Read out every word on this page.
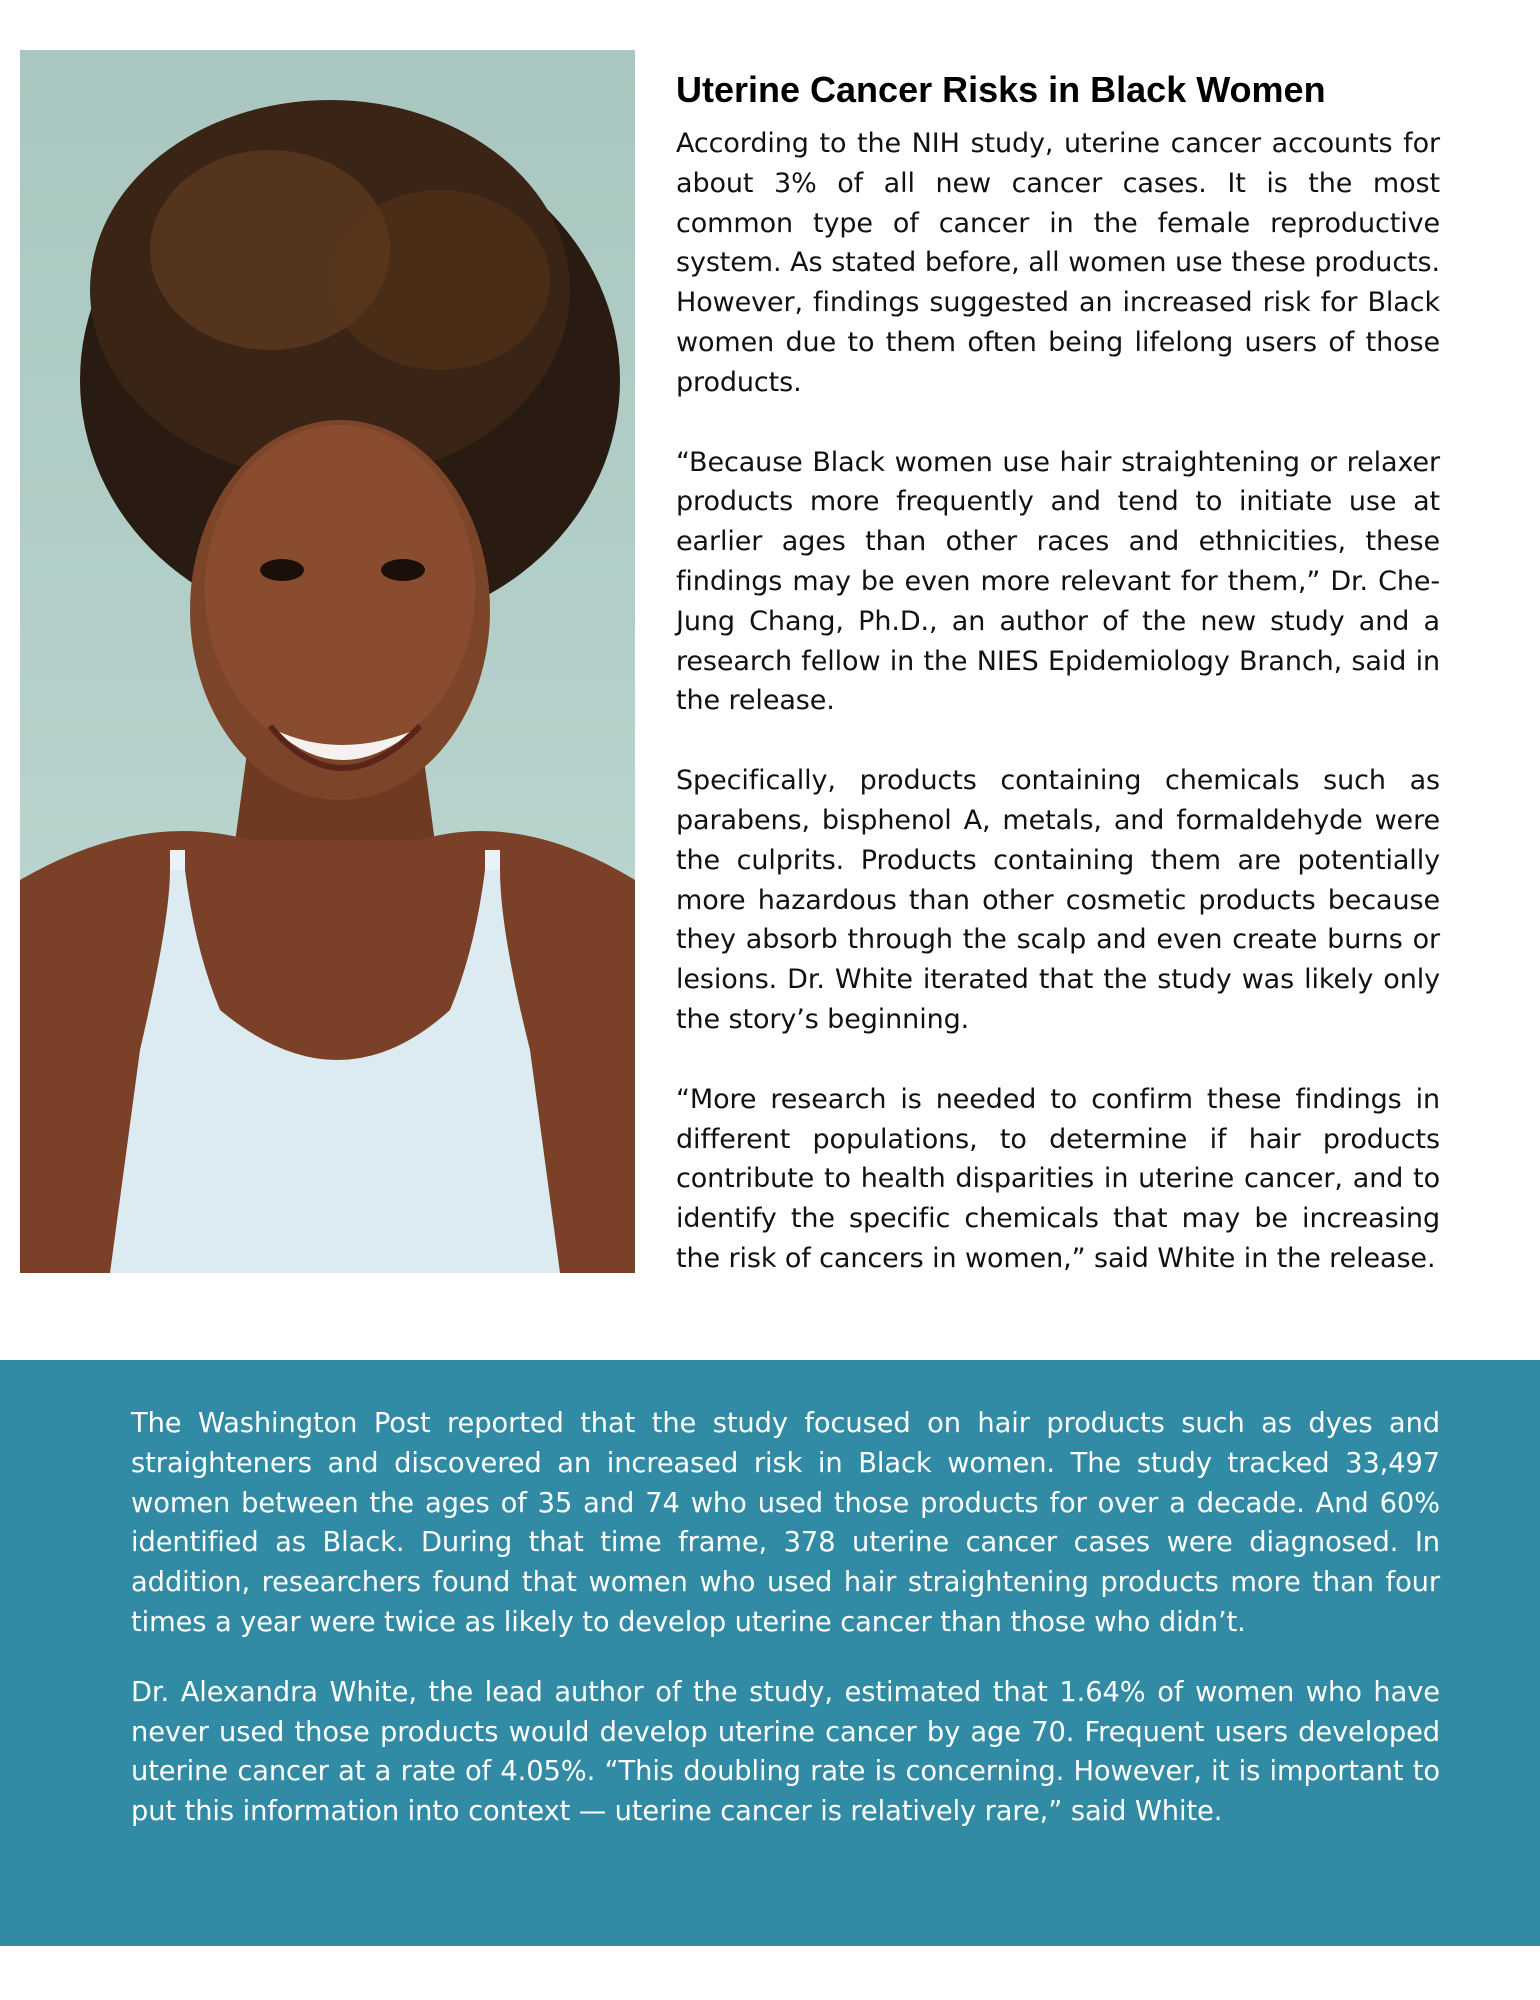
Uterine Cancer Risks in Black Women

According to the NIH study, uterine cancer accounts for about 3% of all new cancer cases. It is the most common type of cancer in the female reproductive system. As stated before, all women use these products. However, findings suggested an increased risk for Black women due to them often being lifelong users of those products.

“Because Black women use hair straightening or relaxer products more frequently and tend to initiate use at earlier ages than other races and ethnicities, these findings may be even more relevant for them,” Dr. Che-Jung Chang, Ph.D., an author of the new study and a research fellow in the NIES Epidemiology Branch, said in the release.

Specifically, products containing chemicals such as parabens, bisphenol A, metals, and formaldehyde were the culprits. Products containing them are potentially more hazardous than other cosmetic products because they absorb through the scalp and even create burns or lesions. Dr. White iterated that the study was likely only the story’s beginning.

“More research is needed to confirm these findings in different populations, to determine if hair products contribute to health disparities in uterine cancer, and to identify the specific chemicals that may be increasing the risk of cancers in women,” said White in the release.

The Washington Post reported that the study focused on hair products such as dyes and straighteners and discovered an increased risk in Black women. The study tracked 33,497 women between the ages of 35 and 74 who used those products for over a decade. And 60% identified as Black. During that time frame, 378 uterine cancer cases were diagnosed. In addition, researchers found that women who used hair straightening products more than four times a year were twice as likely to develop uterine cancer than those who didn’t.

Dr. Alexandra White, the lead author of the study, estimated that 1.64% of women who have never used those products would develop uterine cancer by age 70. Frequent users developed uterine cancer at a rate of 4.05%. “This doubling rate is concerning. However, it is important to put this information into context — uterine cancer is relatively rare,” said White.
